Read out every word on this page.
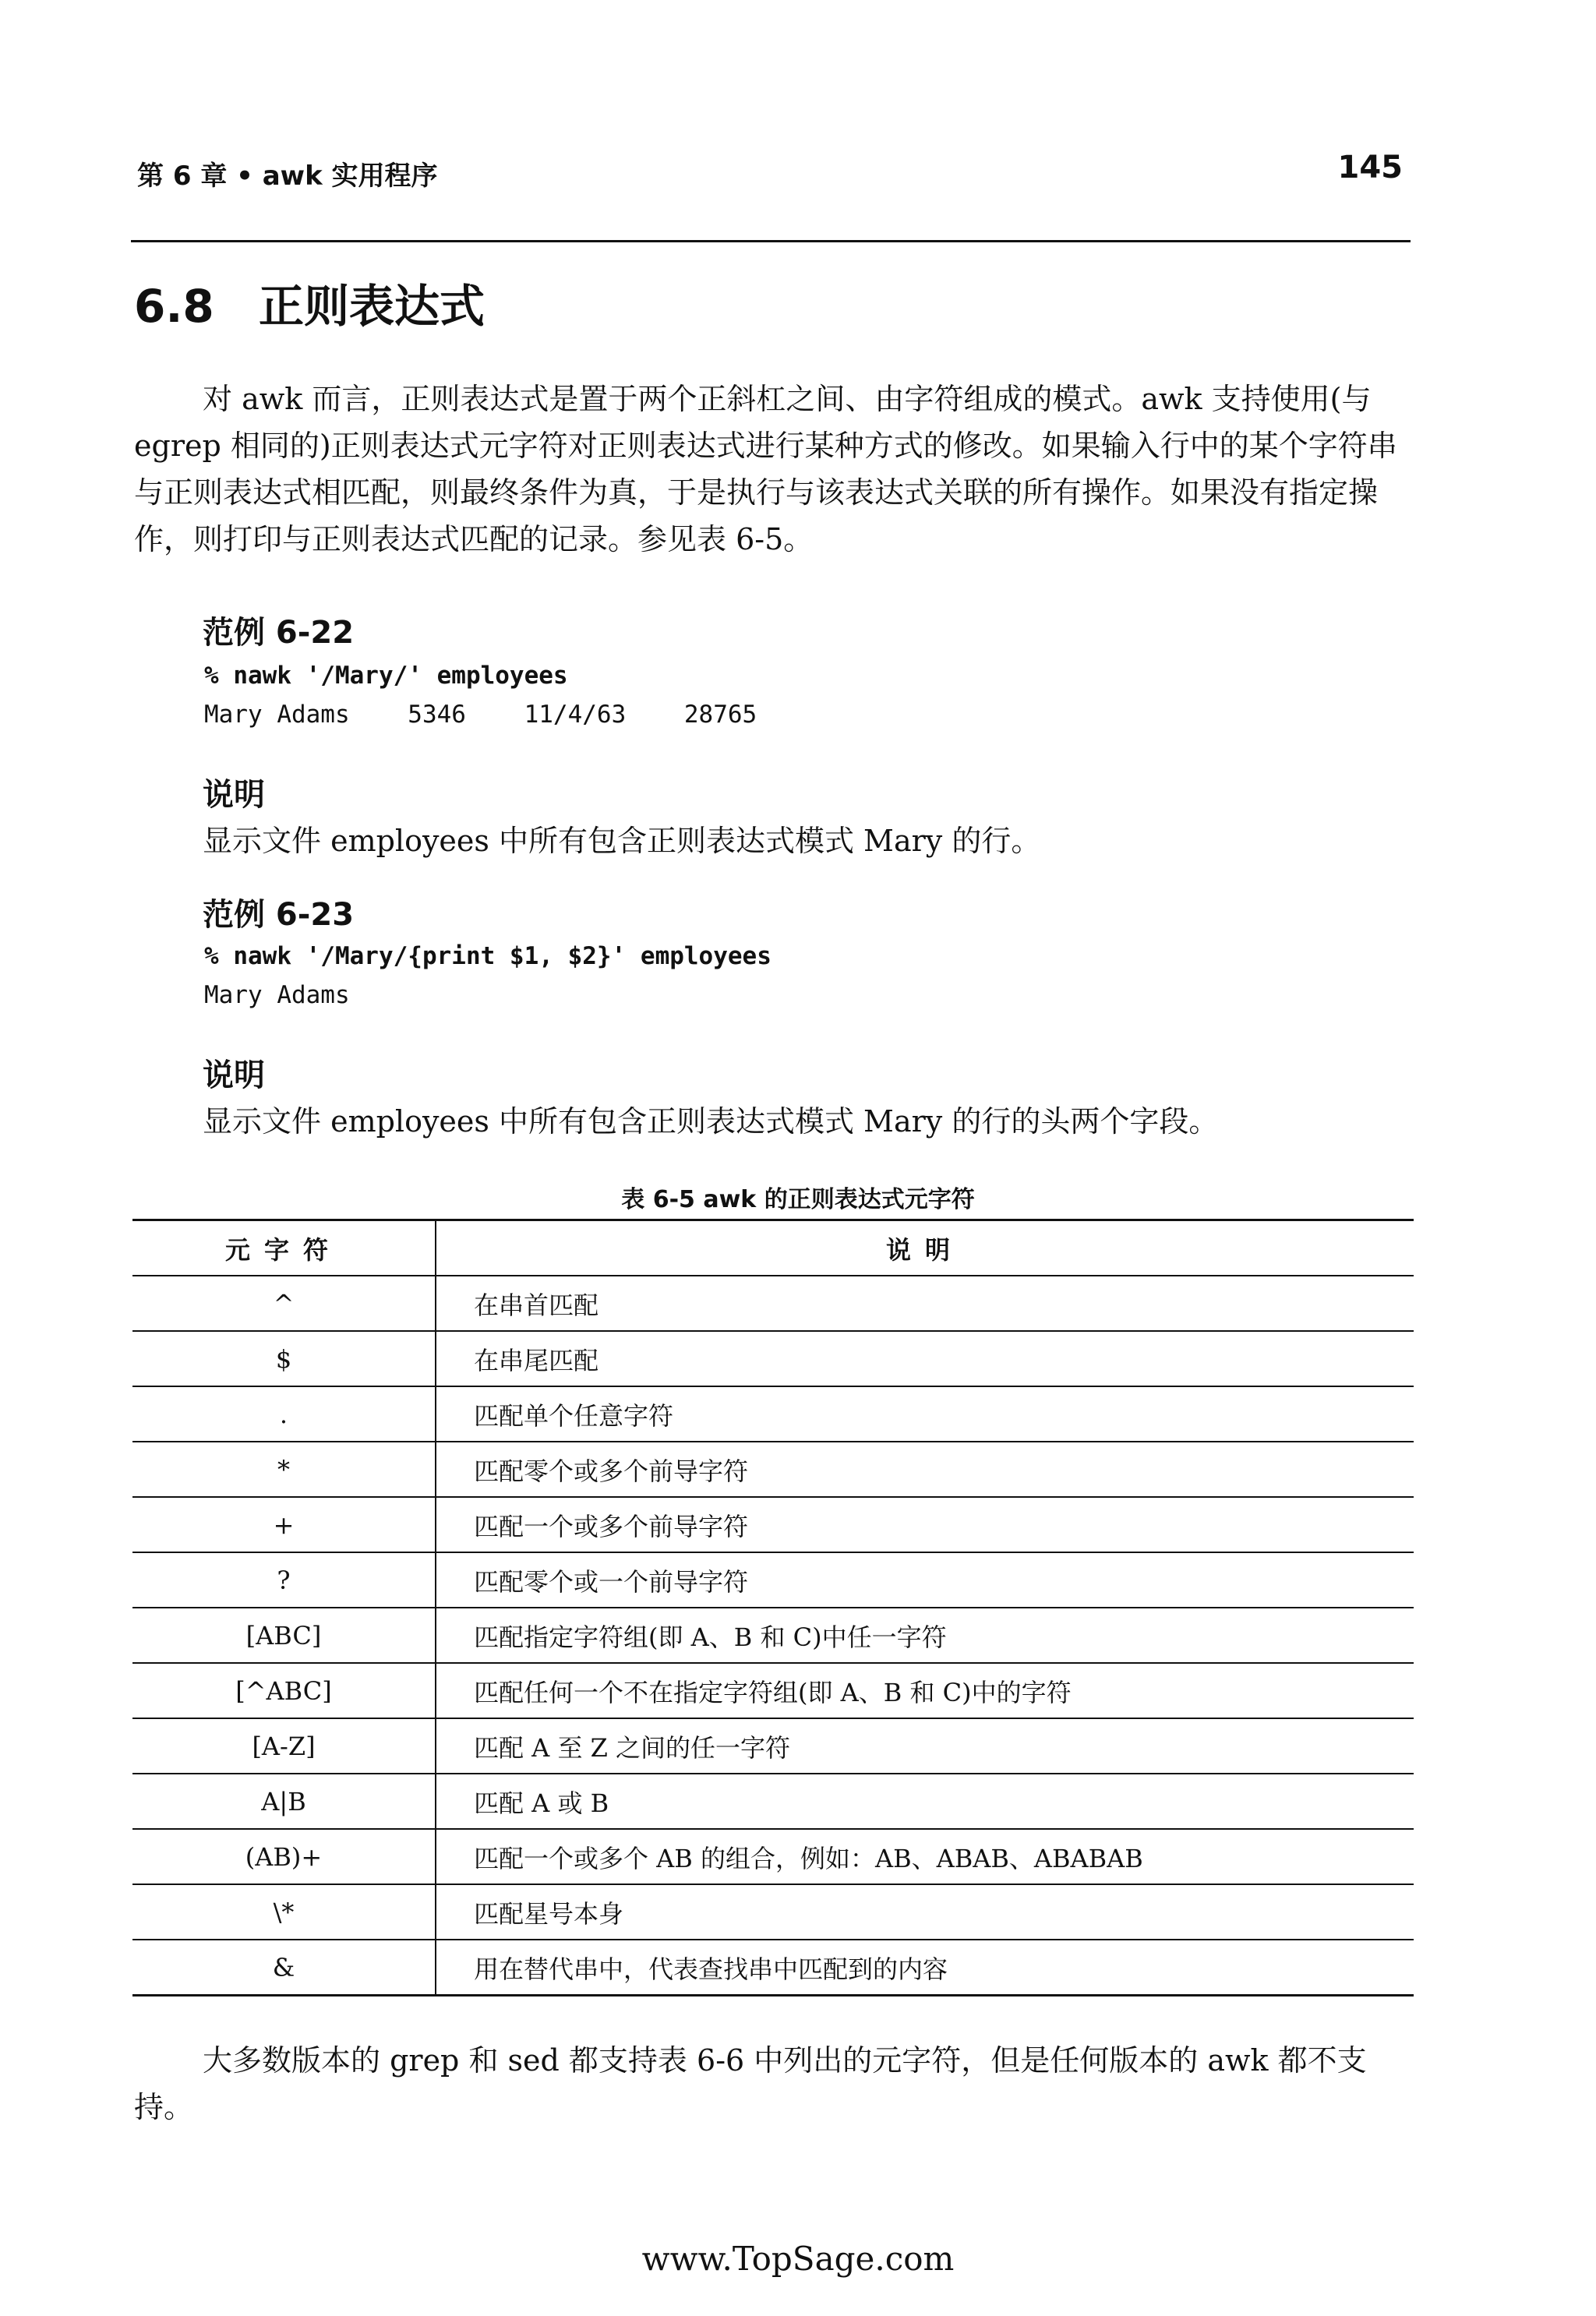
第 6 章 • awk 实用程序	145
6.8 正则表达式
对 awk 而言，正则表达式是置于两个正斜杠之间、由字符组成的模式。awk 支持使用(与 egrep 相同的)正则表达式元字符对正则表达式进行某种方式的修改。如果输入行中的某个字符串与正则表达式相匹配，则最终条件为真，于是执行与该表达式关联的所有操作。如果没有指定操作，则打印与正则表达式匹配的记录。参见表 6-5。
范例 6-22
% nawk '/Mary/' employees
Mary Adams    5346    11/4/63    28765
说明
显示文件 employees 中所有包含正则表达式模式 Mary 的行。
范例 6-23
% nawk '/Mary/{print $1, $2}' employees
Mary Adams
说明
显示文件 employees 中所有包含正则表达式模式 Mary 的行的头两个字段。
表 6-5 awk 的正则表达式元字符
元字符	说明
^	在串首匹配
$	在串尾匹配
.	匹配单个任意字符
*	匹配零个或多个前导字符
+	匹配一个或多个前导字符
?	匹配零个或一个前导字符
[ABC]	匹配指定字符组(即 A、B 和 C)中任一字符
[^ABC]	匹配任何一个不在指定字符组(即 A、B 和 C)中的字符
[A-Z]	匹配 A 至 Z 之间的任一字符
A|B	匹配 A 或 B
(AB)+	匹配一个或多个 AB 的组合，例如：AB、ABAB、ABABAB
\*	匹配星号本身
&	用在替代串中，代表查找串中匹配到的内容
大多数版本的 grep 和 sed 都支持表 6-6 中列出的元字符，但是任何版本的 awk 都不支持。
www.TopSage.com
